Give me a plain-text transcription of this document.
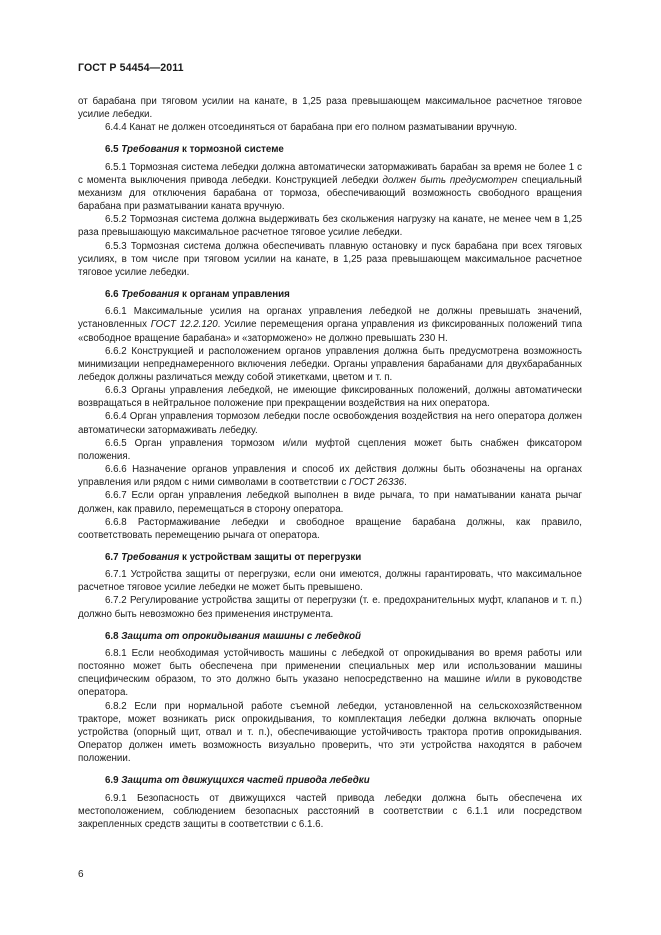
ГОСТ Р 54454—2011

от барабана при тяговом усилии на канате, в 1,25 раза превышающем максимальное расчетное тяговое усилие лебедки.

6.4.4 Канат не должен отсоединяться от барабана при его полном разматывании вручную.

6.5 Требования к тормозной системе

6.5.1 Тормозная система лебедки должна автоматически затормаживать барабан за время не более 1 с с момента выключения привода лебедки. Конструкцией лебедки должен быть предусмотрен специальный механизм для отключения барабана от тормоза, обеспечивающий возможность свободного вращения барабана при разматывании каната вручную.

6.5.2 Тормозная система должна выдерживать без скольжения нагрузку на канате, не менее чем в 1,25 раза превышающую максимальное расчетное тяговое усилие лебедки.

6.5.3 Тормозная система должна обеспечивать плавную остановку и пуск барабана при всех тяговых усилиях, в том числе при тяговом усилии на канате, в 1,25 раза превышающем максимальное расчетное тяговое усилие лебедки.

6.6 Требования к органам управления

6.6.1 Максимальные усилия на органах управления лебедкой не должны превышать значений, установленных ГОСТ 12.2.120. Усилие перемещения органа управления из фиксированных положений типа «свободное вращение барабана» и «заторможено» не должно превышать 230 Н.

6.6.2 Конструкцией и расположением органов управления должна быть предусмотрена возможность минимизации непреднамеренного включения лебедки. Органы управления барабанами для двухбарабанных лебедок должны различаться между собой этикетками, цветом и т. п.

6.6.3 Органы управления лебедкой, не имеющие фиксированных положений, должны автоматически возвращаться в нейтральное положение при прекращении воздействия на них оператора.

6.6.4 Орган управления тормозом лебедки после освобождения воздействия на него оператора должен автоматически затормаживать лебедку.

6.6.5 Орган управления тормозом и/или муфтой сцепления может быть снабжен фиксатором положения.

6.6.6 Назначение органов управления и способ их действия должны быть обозначены на органах управления или рядом с ними символами в соответствии с ГОСТ 26336.

6.6.7 Если орган управления лебедкой выполнен в виде рычага, то при наматывании каната рычаг должен, как правило, перемещаться в сторону оператора.

6.6.8 Растормаживание лебедки и свободное вращение барабана должны, как правило, соответствовать перемещению рычага от оператора.

6.7 Требования к устройствам защиты от перегрузки

6.7.1 Устройства защиты от перегрузки, если они имеются, должны гарантировать, что максимальное расчетное тяговое усилие лебедки не может быть превышено.

6.7.2 Регулирование устройства защиты от перегрузки (т. е. предохранительных муфт, клапанов и т. п.) должно быть невозможно без применения инструмента.

6.8 Защита от опрокидывания машины с лебедкой

6.8.1 Если необходимая устойчивость машины с лебедкой от опрокидывания во время работы или постоянно может быть обеспечена при применении специальных мер или использовании машины специфическим образом, то это должно быть указано непосредственно на машине и/или в руководстве оператора.

6.8.2 Если при нормальной работе съемной лебедки, установленной на сельскохозяйственном тракторе, может возникать риск опрокидывания, то комплектация лебедки должна включать опорные устройства (опорный щит, отвал и т. п.), обеспечивающие устойчивость трактора против опрокидывания. Оператор должен иметь возможность визуально проверить, что эти устройства находятся в рабочем положении.

6.9 Защита от движущихся частей привода лебедки

6.9.1 Безопасность от движущихся частей привода лебедки должна быть обеспечена их местоположением, соблюдением безопасных расстояний в соответствии с 6.1.1 или посредством закрепленных средств защиты в соответствии с 6.1.6.

6
